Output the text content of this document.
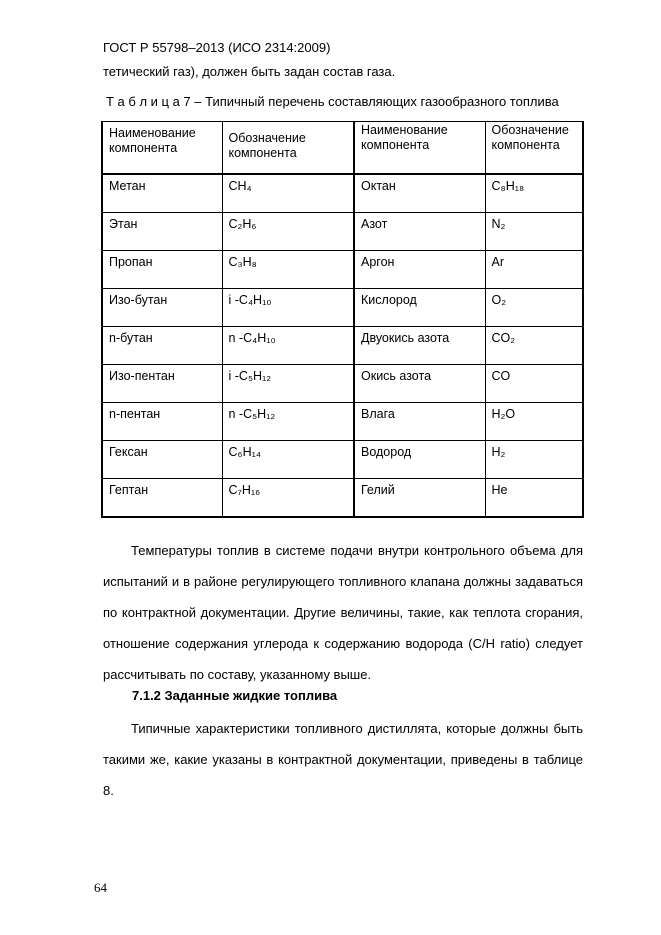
ГОСТ Р 55798–2013 (ИСО 2314:2009)
тетический газ), должен быть задан состав газа.
Т а б л и ц а 7 – Типичный перечень составляющих газообразного топлива
Наименование компонента	Обозначение компонента	Наименование компонента	Обозначение компонента
Метан	CH₄	Октан	C₈H₁₈
Этан	C₂H₆	Азот	N₂
Пропан	C₃H₈	Аргон	Ar
Изо-бутан	i -C₄H₁₀	Кислород	O₂
n-бутан	n -C₄H₁₀	Двуокись азота	CO₂
Изо-пентан	i -C₅H₁₂	Окись азота	CO
n-пентан	n -C₅H₁₂	Влага	H₂O
Гексан	C₆H₁₄	Водород	H₂
Гептан	C₇H₁₆	Гелий	He
Температуры топлив в системе подачи внутри контрольного объема для испытаний и в районе регулирующего топливного клапана должны задаваться по контрактной документации. Другие величины, такие, как теплота сгорания, отношение содержания углерода к содержанию водорода (C/H ratio) следует рассчитывать по составу, указанному выше.
7.1.2 Заданные жидкие топлива
Типичные характеристики топливного дистиллята, которые должны быть такими же, какие указаны в контрактной документации, приведены в таблице 8.
64
